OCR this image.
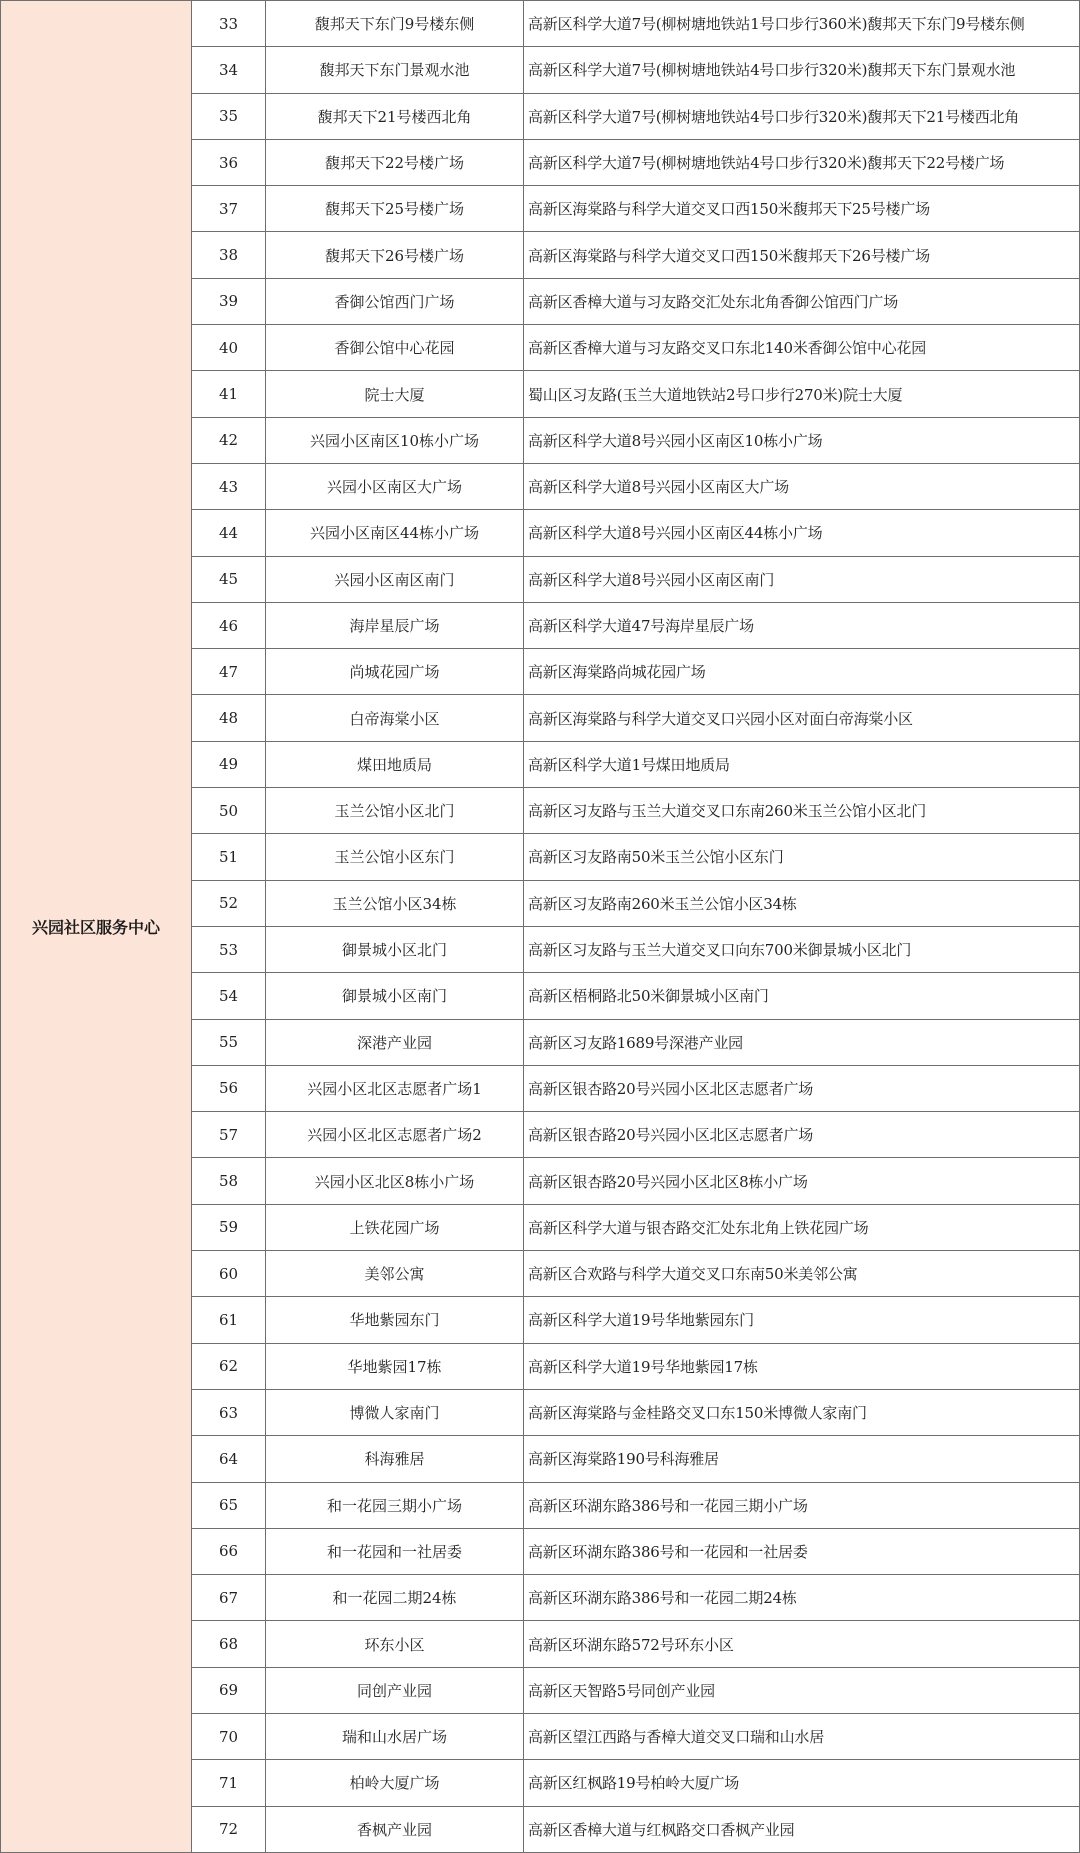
兴园社区服务中心	33	馥邦天下东门9号楼东侧	高新区科学大道7号(柳树塘地铁站1号口步行360米)馥邦天下东门9号楼东侧
	34	馥邦天下东门景观水池	高新区科学大道7号(柳树塘地铁站4号口步行320米)馥邦天下东门景观水池
	35	馥邦天下21号楼西北角	高新区科学大道7号(柳树塘地铁站4号口步行320米)馥邦天下21号楼西北角
	36	馥邦天下22号楼广场	高新区科学大道7号(柳树塘地铁站4号口步行320米)馥邦天下22号楼广场
	37	馥邦天下25号楼广场	高新区海棠路与科学大道交叉口西150米馥邦天下25号楼广场
	38	馥邦天下26号楼广场	高新区海棠路与科学大道交叉口西150米馥邦天下26号楼广场
	39	香御公馆西门广场	高新区香樟大道与习友路交汇处东北角香御公馆西门广场
	40	香御公馆中心花园	高新区香樟大道与习友路交叉口东北140米香御公馆中心花园
	41	院士大厦	蜀山区习友路(玉兰大道地铁站2号口步行270米)院士大厦
	42	兴园小区南区10栋小广场	高新区科学大道8号兴园小区南区10栋小广场
	43	兴园小区南区大广场	高新区科学大道8号兴园小区南区大广场
	44	兴园小区南区44栋小广场	高新区科学大道8号兴园小区南区44栋小广场
	45	兴园小区南区南门	高新区科学大道8号兴园小区南区南门
	46	海岸星辰广场	高新区科学大道47号海岸星辰广场
	47	尚城花园广场	高新区海棠路尚城花园广场
	48	白帝海棠小区	高新区海棠路与科学大道交叉口兴园小区对面白帝海棠小区
	49	煤田地质局	高新区科学大道1号煤田地质局
	50	玉兰公馆小区北门	高新区习友路与玉兰大道交叉口东南260米玉兰公馆小区北门
	51	玉兰公馆小区东门	高新区习友路南50米玉兰公馆小区东门
	52	玉兰公馆小区34栋	高新区习友路南260米玉兰公馆小区34栋
	53	御景城小区北门	高新区习友路与玉兰大道交叉口向东700米御景城小区北门
	54	御景城小区南门	高新区梧桐路北50米御景城小区南门
	55	深港产业园	高新区习友路1689号深港产业园
	56	兴园小区北区志愿者广场1	高新区银杏路20号兴园小区北区志愿者广场
	57	兴园小区北区志愿者广场2	高新区银杏路20号兴园小区北区志愿者广场
	58	兴园小区北区8栋小广场	高新区银杏路20号兴园小区北区8栋小广场
	59	上铁花园广场	高新区科学大道与银杏路交汇处东北角上铁花园广场
	60	美邻公寓	高新区合欢路与科学大道交叉口东南50米美邻公寓
	61	华地紫园东门	高新区科学大道19号华地紫园东门
	62	华地紫园17栋	高新区科学大道19号华地紫园17栋
	63	博微人家南门	高新区海棠路与金桂路交叉口东150米博微人家南门
	64	科海雅居	高新区海棠路190号科海雅居
	65	和一花园三期小广场	高新区环湖东路386号和一花园三期小广场
	66	和一花园和一社居委	高新区环湖东路386号和一花园和一社居委
	67	和一花园二期24栋	高新区环湖东路386号和一花园二期24栋
	68	环东小区	高新区环湖东路572号环东小区
	69	同创产业园	高新区天智路5号同创产业园
	70	瑞和山水居广场	高新区望江西路与香樟大道交叉口瑞和山水居
	71	柏岭大厦广场	高新区红枫路19号柏岭大厦广场
	72	香枫产业园	高新区香樟大道与红枫路交口香枫产业园
